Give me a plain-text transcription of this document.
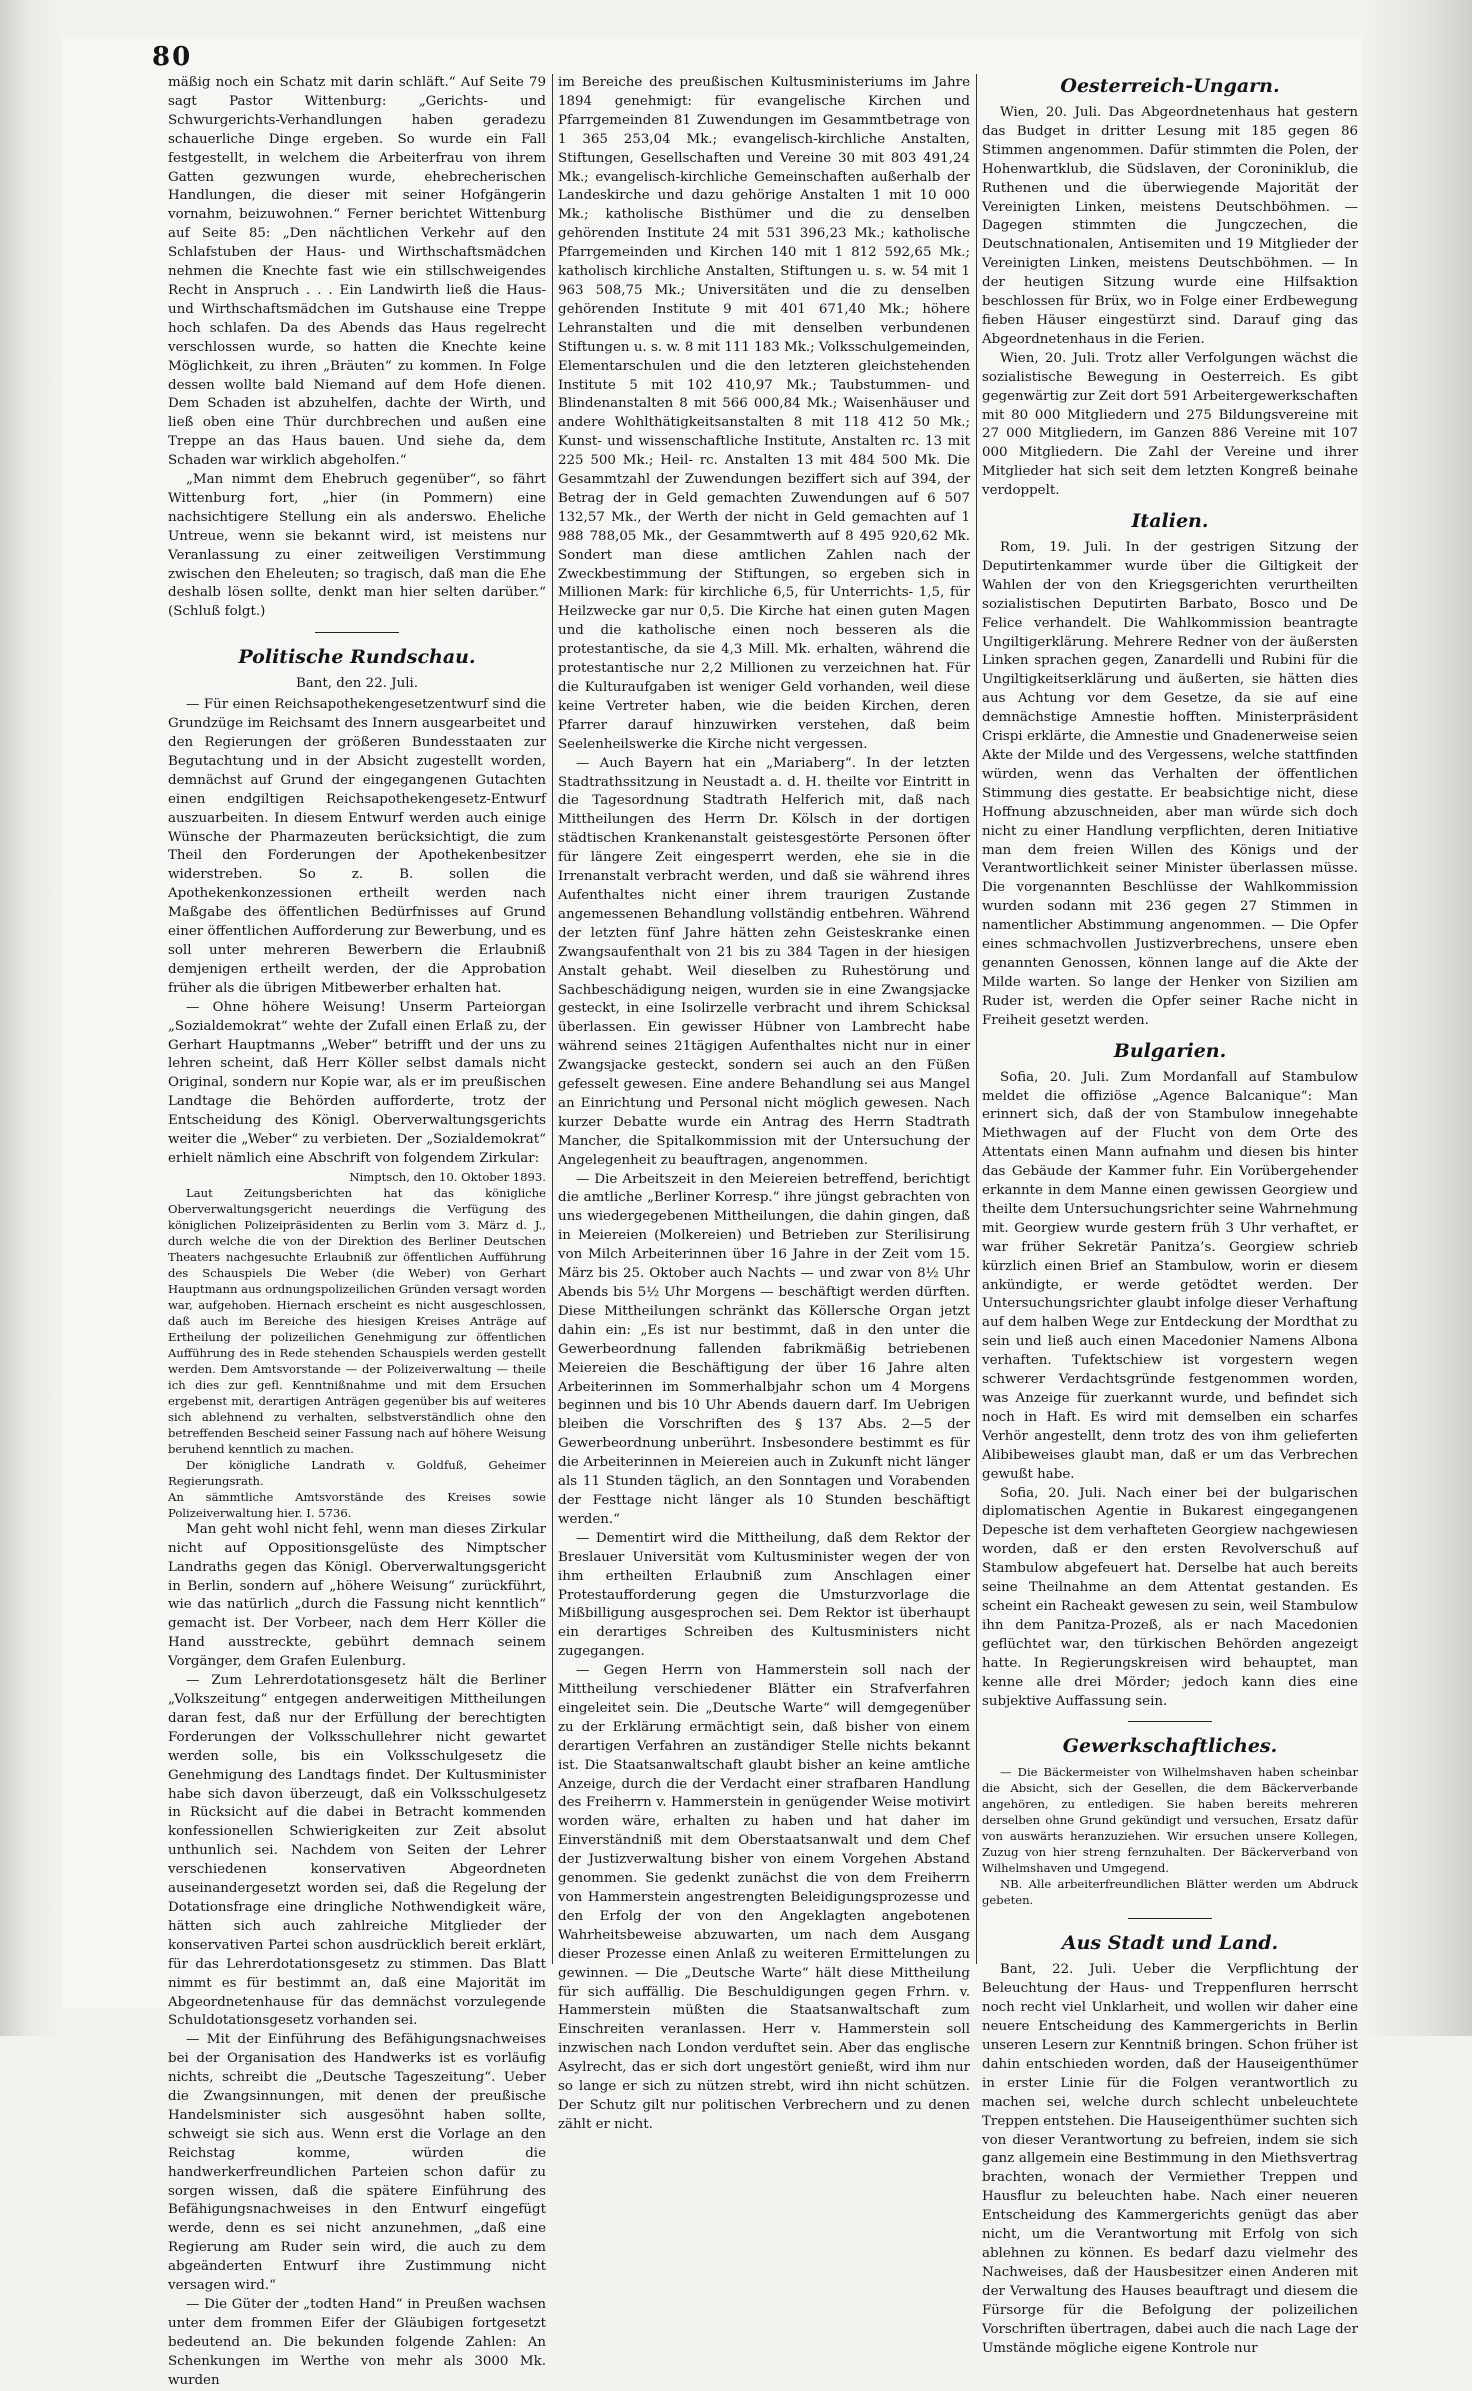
80

mäßig noch ein Schatz mit darin schläft.“ Auf Seite 79 sagt Pastor Wittenburg: „Gerichts- und Schwurgerichts-Verhandlungen haben geradezu schauerliche Dinge ergeben. So wurde ein Fall festgestellt, in welchem die Arbeiterfrau von ihrem Gatten gezwungen wurde, ehebrecherischen Handlungen, die dieser mit seiner Hofgängerin vornahm, beizuwohnen.“ Ferner berichtet Wittenburg auf Seite 85: „Den nächtlichen Verkehr auf den Schlafstuben der Haus- und Wirthschaftsmädchen nehmen die Knechte fast wie ein stillschweigendes Recht in Anspruch . . . Ein Landwirth ließ die Haus- und Wirthschaftsmädchen im Gutshause eine Treppe hoch schlafen. Da des Abends das Haus regelrecht verschlossen wurde, so hatten die Knechte keine Möglichkeit, zu ihren „Bräuten“ zu kommen. In Folge dessen wollte bald Niemand auf dem Hofe dienen. Dem Schaden ist abzuhelfen, dachte der Wirth, und ließ oben eine Thür durchbrechen und außen eine Treppe an das Haus bauen. Und siehe da, dem Schaden war wirklich abgeholfen.“

„Man nimmt dem Ehebruch gegenüber“, so fährt Wittenburg fort, „hier (in Pommern) eine nachsichtigere Stellung ein als anderswo. Eheliche Untreue, wenn sie bekannt wird, ist meistens nur Veranlassung zu einer zeitweiligen Verstimmung zwischen den Eheleuten; so tragisch, daß man die Ehe deshalb lösen sollte, denkt man hier selten darüber.“ (Schluß folgt.)

Politische Rundschau.
Bant, den 22. Juli.

— Für einen Reichsapothekengesetzentwurf sind die Grundzüge im Reichsamt des Innern ausgearbeitet und den Regierungen der größeren Bundesstaaten zur Begutachtung und in der Absicht zugestellt worden, demnächst auf Grund der eingegangenen Gutachten einen endgiltigen Reichsapothekengesetz-Entwurf auszuarbeiten. In diesem Entwurf werden auch einige Wünsche der Pharmazeuten berücksichtigt, die zum Theil den Forderungen der Apothekenbesitzer widerstreben. So z. B. sollen die Apothekenkonzessionen ertheilt werden nach Maßgabe des öffentlichen Bedürfnisses auf Grund einer öffentlichen Aufforderung zur Bewerbung, und es soll unter mehreren Bewerbern die Erlaubniß demjenigen ertheilt werden, der die Approbation früher als die übrigen Mitbewerber erhalten hat.

— Ohne höhere Weisung! Unserm Parteiorgan „Sozialdemokrat“ wehte der Zufall einen Erlaß zu, der Gerhart Hauptmanns „Weber“ betrifft und der uns zu lehren scheint, daß Herr Köller selbst damals nicht Original, sondern nur Kopie war, als er im preußischen Landtage die Behörden aufforderte, trotz der Entscheidung des Königl. Oberverwaltungsgerichts weiter die „Weber“ zu verbieten. Der „Sozialdemokrat“ erhielt nämlich eine Abschrift von folgendem Zirkular:

Nimptsch, den 10. Oktober 1893.

Laut Zeitungsberichten hat das königliche Oberverwaltungsgericht neuerdings die Verfügung des königlichen Polizeipräsidenten zu Berlin vom 3. März d. J., durch welche die von der Direktion des Berliner Deutschen Theaters nachgesuchte Erlaubniß zur öffentlichen Aufführung des Schauspiels Die Weber (die Weber) von Gerhart Hauptmann aus ordnungspolizeilichen Gründen versagt worden war, aufgehoben. Hiernach erscheint es nicht ausgeschlossen, daß auch im Bereiche des hiesigen Kreises Anträge auf Ertheilung der polizeilichen Genehmigung zur öffentlichen Aufführung des in Rede stehenden Schauspiels werden gestellt werden. Dem Amtsvorstande — der Polizeiverwaltung — theile ich dies zur gefl. Kenntnißnahme und mit dem Ersuchen ergebenst mit, derartigen Anträgen gegenüber bis auf weiteres sich ablehnend zu verhalten, selbstverständlich ohne den betreffenden Bescheid seiner Fassung nach auf höhere Weisung beruhend kenntlich zu machen.

Der königliche Landrath v. Goldfuß, Geheimer Regierungsrath.

An sämmtliche Amtsvorstände des Kreises sowie Polizeiverwaltung hier. I. 5736.

Man geht wohl nicht fehl, wenn man dieses Zirkular nicht auf Oppositionsgelüste des Nimptscher Landraths gegen das Königl. Oberverwaltungsgericht in Berlin, sondern auf „höhere Weisung“ zurückführt, wie das natürlich „durch die Fassung nicht kenntlich“ gemacht ist. Der Vorbeer, nach dem Herr Köller die Hand ausstreckte, gebührt demnach seinem Vorgänger, dem Grafen Eulenburg.

— Zum Lehrerdotationsgesetz hält die Berliner „Volkszeitung“ entgegen anderweitigen Mittheilungen daran fest, daß nur der Erfüllung der berechtigten Forderungen der Volksschullehrer nicht gewartet werden solle, bis ein Volksschulgesetz die Genehmigung des Landtags findet. Der Kultusminister habe sich davon überzeugt, daß ein Volksschulgesetz in Rücksicht auf die dabei in Betracht kommenden konfessionellen Schwierigkeiten zur Zeit absolut unthunlich sei. Nachdem von Seiten der Lehrer verschiedenen konservativen Abgeordneten auseinandergesetzt worden sei, daß die Regelung der Dotationsfrage eine dringliche Nothwendigkeit wäre, hätten sich auch zahlreiche Mitglieder der konservativen Partei schon ausdrücklich bereit erklärt, für das Lehrerdotationsgesetz zu stimmen. Das Blatt nimmt es für bestimmt an, daß eine Majorität im Abgeordnetenhause für das demnächst vorzulegende Schuldotationsgesetz vorhanden sei.

— Mit der Einführung des Befähigungsnachweises bei der Organisation des Handwerks ist es vorläufig nichts, schreibt die „Deutsche Tageszeitung“. Ueber die Zwangsinnungen, mit denen der preußische Handelsminister sich ausgesöhnt haben sollte, schweigt sie sich aus. Wenn erst die Vorlage an den Reichstag komme, würden die handwerkerfreundlichen Parteien schon dafür zu sorgen wissen, daß die spätere Einführung des Befähigungsnachweises in den Entwurf eingefügt werde, denn es sei nicht anzunehmen, „daß eine Regierung am Ruder sein wird, die auch zu dem abgeänderten Entwurf ihre Zustimmung nicht versagen wird.“

— Die Güter der „todten Hand“ in Preußen wachsen unter dem frommen Eifer der Gläubigen fortgesetzt bedeutend an. Die bekunden folgende Zahlen: An Schenkungen im Werthe von mehr als 3000 Mk. wurden

im Bereiche des preußischen Kultusministeriums im Jahre 1894 genehmigt: für evangelische Kirchen und Pfarrgemeinden 81 Zuwendungen im Gesammtbetrage von 1 365 253,04 Mk.; evangelisch-kirchliche Anstalten, Stiftungen, Gesellschaften und Vereine 30 mit 803 491,24 Mk.; evangelisch-kirchliche Gemeinschaften außerhalb der Landeskirche und dazu gehörige Anstalten 1 mit 10 000 Mk.; katholische Bisthümer und die zu denselben gehörenden Institute 24 mit 531 396,23 Mk.; katholische Pfarrgemeinden und Kirchen 140 mit 1 812 592,65 Mk.; katholisch kirchliche Anstalten, Stiftungen u. s. w. 54 mit 1 963 508,75 Mk.; Universitäten und die zu denselben gehörenden Institute 9 mit 401 671,40 Mk.; höhere Lehranstalten und die mit denselben verbundenen Stiftungen u. s. w. 8 mit 111 183 Mk.; Volksschulgemeinden, Elementarschulen und die den letzteren gleichstehenden Institute 5 mit 102 410,97 Mk.; Taubstummen- und Blindenanstalten 8 mit 566 000,84 Mk.; Waisenhäuser und andere Wohlthätigkeitsanstalten 8 mit 118 412 50 Mk.; Kunst- und wissenschaftliche Institute, Anstalten rc. 13 mit 225 500 Mk.; Heil- rc. Anstalten 13 mit 484 500 Mk. Die Gesammtzahl der Zuwendungen beziffert sich auf 394, der Betrag der in Geld gemachten Zuwendungen auf 6 507 132,57 Mk., der Werth der nicht in Geld gemachten auf 1 988 788,05 Mk., der Gesammtwerth auf 8 495 920,62 Mk. Sondert man diese amtlichen Zahlen nach der Zweckbestimmung der Stiftungen, so ergeben sich in Millionen Mark: für kirchliche 6,5, für Unterrichts- 1,5, für Heilzwecke gar nur 0,5. Die Kirche hat einen guten Magen und die katholische einen noch besseren als die protestantische, da sie 4,3 Mill. Mk. erhalten, während die protestantische nur 2,2 Millionen zu verzeichnen hat. Für die Kulturaufgaben ist weniger Geld vorhanden, weil diese keine Vertreter haben, wie die beiden Kirchen, deren Pfarrer darauf hinzuwirken verstehen, daß beim Seelenheilswerke die Kirche nicht vergessen.

— Auch Bayern hat ein „Mariaberg“. In der letzten Stadtrathssitzung in Neustadt a. d. H. theilte vor Eintritt in die Tagesordnung Stadtrath Helferich mit, daß nach Mittheilungen des Herrn Dr. Kölsch in der dortigen städtischen Krankenanstalt geistesgestörte Personen öfter für längere Zeit eingesperrt werden, ehe sie in die Irrenanstalt verbracht werden, und daß sie während ihres Aufenthaltes nicht einer ihrem traurigen Zustande angemessenen Behandlung vollständig entbehren. Während der letzten fünf Jahre hätten zehn Geisteskranke einen Zwangsaufenthalt von 21 bis zu 384 Tagen in der hiesigen Anstalt gehabt. Weil dieselben zu Ruhestörung und Sachbeschädigung neigen, wurden sie in eine Zwangsjacke gesteckt, in eine Isolirzelle verbracht und ihrem Schicksal überlassen. Ein gewisser Hübner von Lambrecht habe während seines 21tägigen Aufenthaltes nicht nur in einer Zwangsjacke gesteckt, sondern sei auch an den Füßen gefesselt gewesen. Eine andere Behandlung sei aus Mangel an Einrichtung und Personal nicht möglich gewesen. Nach kurzer Debatte wurde ein Antrag des Herrn Stadtrath Mancher, die Spitalkommission mit der Untersuchung der Angelegenheit zu beauftragen, angenommen.

— Die Arbeitszeit in den Meiereien betreffend, berichtigt die amtliche „Berliner Korresp.“ ihre jüngst gebrachten von uns wiedergegebenen Mittheilungen, die dahin gingen, daß in Meiereien (Molkereien) und Betrieben zur Sterilisirung von Milch Arbeiterinnen über 16 Jahre in der Zeit vom 15. März bis 25. Oktober auch Nachts — und zwar von 8½ Uhr Abends bis 5½ Uhr Morgens — beschäftigt werden dürften. Diese Mittheilungen schränkt das Köllersche Organ jetzt dahin ein: „Es ist nur bestimmt, daß in den unter die Gewerbeordnung fallenden fabrikmäßig betriebenen Meiereien die Beschäftigung der über 16 Jahre alten Arbeiterinnen im Sommerhalbjahr schon um 4 Morgens beginnen und bis 10 Uhr Abends dauern darf. Im Uebrigen bleiben die Vorschriften des § 137 Abs. 2—5 der Gewerbeordnung unberührt. Insbesondere bestimmt es für die Arbeiterinnen in Meiereien auch in Zukunft nicht länger als 11 Stunden täglich, an den Sonntagen und Vorabenden der Festtage nicht länger als 10 Stunden beschäftigt werden.“

— Dementirt wird die Mittheilung, daß dem Rektor der Breslauer Universität vom Kultusminister wegen der von ihm ertheilten Erlaubniß zum Anschlagen einer Protestaufforderung gegen die Umsturzvorlage die Mißbilligung ausgesprochen sei. Dem Rektor ist überhaupt ein derartiges Schreiben des Kultusministers nicht zugegangen.

— Gegen Herrn von Hammerstein soll nach der Mittheilung verschiedener Blätter ein Strafverfahren eingeleitet sein. Die „Deutsche Warte“ will demgegenüber zu der Erklärung ermächtigt sein, daß bisher von einem derartigen Verfahren an zuständiger Stelle nichts bekannt ist. Die Staatsanwaltschaft glaubt bisher an keine amtliche Anzeige, durch die der Verdacht einer strafbaren Handlung des Freiherrn v. Hammerstein in genügender Weise motivirt worden wäre, erhalten zu haben und hat daher im Einverständniß mit dem Oberstaatsanwalt und dem Chef der Justizverwaltung bisher von einem Vorgehen Abstand genommen. Sie gedenkt zunächst die von dem Freiherrn von Hammerstein angestrengten Beleidigungsprozesse und den Erfolg der von den Angeklagten angebotenen Wahrheitsbeweise abzuwarten, um nach dem Ausgang dieser Prozesse einen Anlaß zu weiteren Ermittelungen zu gewinnen. — Die „Deutsche Warte“ hält diese Mittheilung für sich auffällig. Die Beschuldigungen gegen Frhrn. v. Hammerstein müßten die Staatsanwaltschaft zum Einschreiten veranlassen. Herr v. Hammerstein soll inzwischen nach London verduftet sein. Aber das englische Asylrecht, das er sich dort ungestört genießt, wird ihm nur so lange er sich zu nützen strebt, wird ihn nicht schützen. Der Schutz gilt nur politischen Verbrechern und zu denen zählt er nicht.

Oesterreich-Ungarn.

Wien, 20. Juli. Das Abgeordnetenhaus hat gestern das Budget in dritter Lesung mit 185 gegen 86 Stimmen angenommen. Dafür stimmten die Polen, der Hohenwartklub, die Südslaven, der Coroniniklub, die Ruthenen und die überwiegende Majorität der Vereinigten Linken, meistens Deutschböhmen. — Dagegen stimmten die Jungczechen, die Deutschnationalen, Antisemiten und 19 Mitglieder der Vereinigten Linken, meistens Deutschböhmen. — In der heutigen Sitzung wurde eine Hilfsaktion beschlossen für Brüx, wo in Folge einer Erdbewegung fieben Häuser eingestürzt sind. Darauf ging das Abgeordnetenhaus in die Ferien.

Wien, 20. Juli. Trotz aller Verfolgungen wächst die sozialistische Bewegung in Oesterreich. Es gibt gegenwärtig zur Zeit dort 591 Arbeitergewerkschaften mit 80 000 Mitgliedern und 275 Bildungsvereine mit 27 000 Mitgliedern, im Ganzen 886 Vereine mit 107 000 Mitgliedern. Die Zahl der Vereine und ihrer Mitglieder hat sich seit dem letzten Kongreß beinahe verdoppelt.

Italien.

Rom, 19. Juli. In der gestrigen Sitzung der Deputirtenkammer wurde über die Giltigkeit der Wahlen der von den Kriegsgerichten verurtheilten sozialistischen Deputirten Barbato, Bosco und De Felice verhandelt. Die Wahlkommission beantragte Ungiltigerklärung. Mehrere Redner von der äußersten Linken sprachen gegen, Zanardelli und Rubini für die Ungiltigkeitserklärung und äußerten, sie hätten dies aus Achtung vor dem Gesetze, da sie auf eine demnächstige Amnestie hofften. Ministerpräsident Crispi erklärte, die Amnestie und Gnadenerweise seien Akte der Milde und des Vergessens, welche stattfinden würden, wenn das Verhalten der öffentlichen Stimmung dies gestatte. Er beabsichtige nicht, diese Hoffnung abzuschneiden, aber man würde sich doch nicht zu einer Handlung verpflichten, deren Initiative man dem freien Willen des Königs und der Verantwortlichkeit seiner Minister überlassen müsse. Die vorgenannten Beschlüsse der Wahlkommission wurden sodann mit 236 gegen 27 Stimmen in namentlicher Abstimmung angenommen. — Die Opfer eines schmachvollen Justizverbrechens, unsere eben genannten Genossen, können lange auf die Akte der Milde warten. So lange der Henker von Sizilien am Ruder ist, werden die Opfer seiner Rache nicht in Freiheit gesetzt werden.

Bulgarien.

Sofia, 20. Juli. Zum Mordanfall auf Stambulow meldet die offiziöse „Agence Balcanique“: Man erinnert sich, daß der von Stambulow innegehabte Miethwagen auf der Flucht von dem Orte des Attentats einen Mann aufnahm und diesen bis hinter das Gebäude der Kammer fuhr. Ein Vorübergehender erkannte in dem Manne einen gewissen Georgiew und theilte dem Untersuchungsrichter seine Wahrnehmung mit. Georgiew wurde gestern früh 3 Uhr verhaftet, er war früher Sekretär Panitza’s. Georgiew schrieb kürzlich einen Brief an Stambulow, worin er diesem ankündigte, er werde getödtet werden. Der Untersuchungsrichter glaubt infolge dieser Verhaftung auf dem halben Wege zur Entdeckung der Mordthat zu sein und ließ auch einen Macedonier Namens Albona verhaften. Tufektschiew ist vorgestern wegen schwerer Verdachtsgründe festgenommen worden, was Anzeige für zuerkannt wurde, und befindet sich noch in Haft. Es wird mit demselben ein scharfes Verhör angestellt, denn trotz des von ihm gelieferten Alibibeweises glaubt man, daß er um das Verbrechen gewußt habe.

Sofia, 20. Juli. Nach einer bei der bulgarischen diplomatischen Agentie in Bukarest eingegangenen Depesche ist dem verhafteten Georgiew nachgewiesen worden, daß er den ersten Revolverschuß auf Stambulow abgefeuert hat. Derselbe hat auch bereits seine Theilnahme an dem Attentat gestanden. Es scheint ein Racheakt gewesen zu sein, weil Stambulow ihn dem Panitza-Prozeß, als er nach Macedonien geflüchtet war, den türkischen Behörden angezeigt hatte. In Regierungskreisen wird behauptet, man kenne alle drei Mörder; jedoch kann dies eine subjektive Auffassung sein.

Gewerkschaftliches.

— Die Bäckermeister von Wilhelmshaven haben scheinbar die Absicht, sich der Gesellen, die dem Bäckerverbande angehören, zu entledigen. Sie haben bereits mehreren derselben ohne Grund gekündigt und versuchen, Ersatz dafür von auswärts heranzuziehen. Wir ersuchen unsere Kollegen, Zuzug von hier streng fernzuhalten. Der Bäckerverband von Wilhelmshaven und Umgegend.

NB. Alle arbeiterfreundlichen Blätter werden um Abdruck gebeten.

Aus Stadt und Land.

Bant, 22. Juli. Ueber die Verpflichtung der Beleuchtung der Haus- und Treppenfluren herrscht noch recht viel Unklarheit, und wollen wir daher eine neuere Entscheidung des Kammergerichts in Berlin unseren Lesern zur Kenntniß bringen. Schon früher ist dahin entschieden worden, daß der Hauseigenthümer in erster Linie für die Folgen verantwortlich zu machen sei, welche durch schlecht unbeleuchtete Treppen entstehen. Die Hauseigenthümer suchten sich von dieser Verantwortung zu befreien, indem sie sich ganz allgemein eine Bestimmung in den Miethsvertrag brachten, wonach der Vermiether Treppen und Hausflur zu beleuchten habe. Nach einer neueren Entscheidung des Kammergerichts genügt das aber nicht, um die Verantwortung mit Erfolg von sich ablehnen zu können. Es bedarf dazu vielmehr des Nachweises, daß der Hausbesitzer einen Anderen mit der Verwaltung des Hauses beauftragt und diesem die Fürsorge für die Befolgung der polizeilichen Vorschriften übertragen, dabei auch die nach Lage der Umstände mögliche eigene Kontrole nur
